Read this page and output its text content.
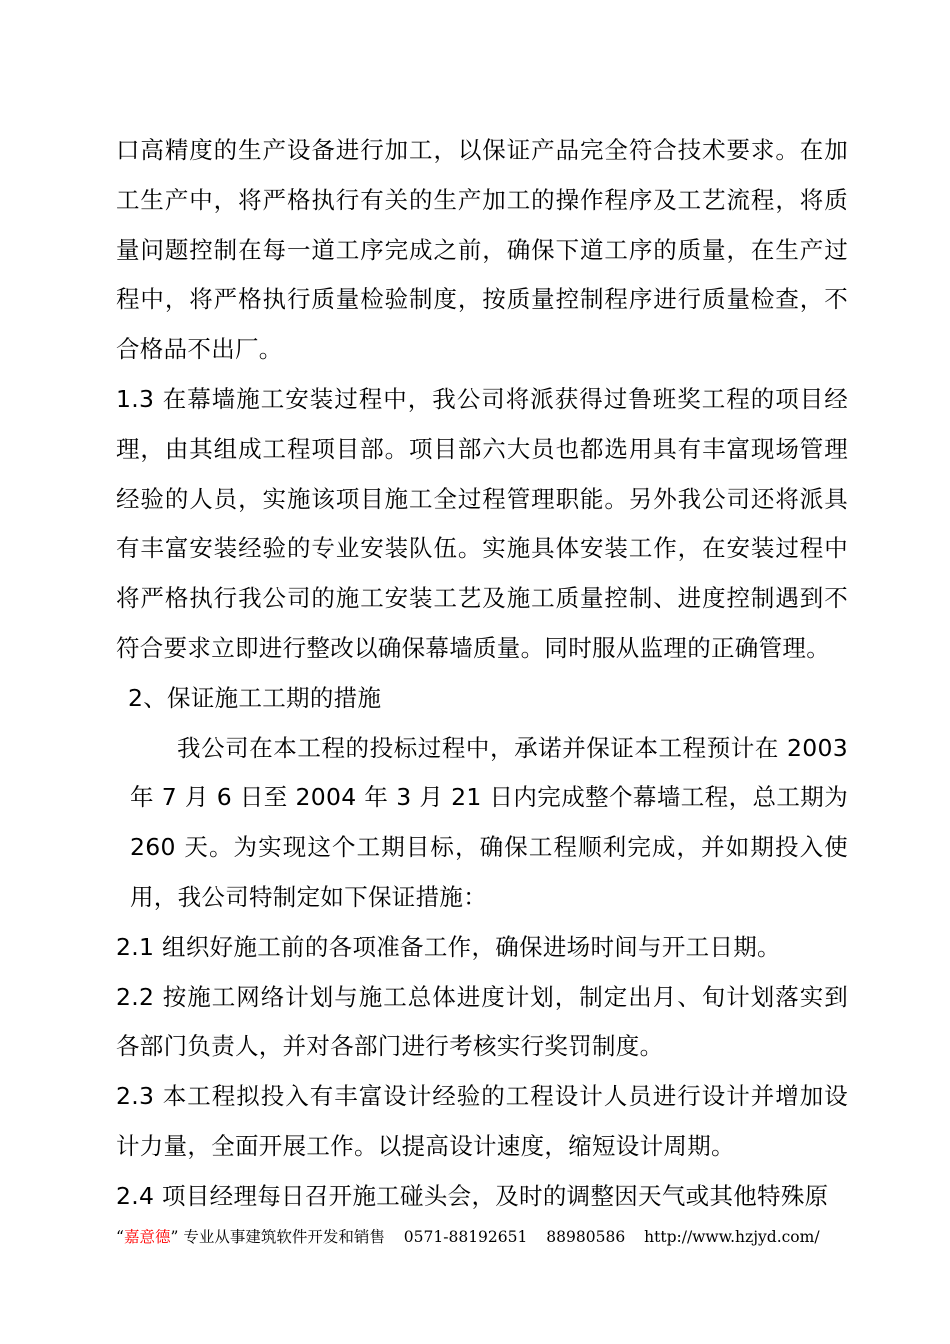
口高精度的生产设备进行加工，以保证产品完全符合技术要求。在加工生产中，将严格执行有关的生产加工的操作程序及工艺流程，将质量问题控制在每一道工序完成之前，确保下道工序的质量，在生产过程中，将严格执行质量检验制度，按质量控制程序进行质量检查，不合格品不出厂。

1.3 在幕墙施工安装过程中，我公司将派获得过鲁班奖工程的项目经理，由其组成工程项目部。项目部六大员也都选用具有丰富现场管理经验的人员，实施该项目施工全过程管理职能。另外我公司还将派具有丰富安装经验的专业安装队伍。实施具体安装工作，在安装过程中将严格执行我公司的施工安装工艺及施工质量控制、进度控制遇到不符合要求立即进行整改以确保幕墙质量。同时服从监理的正确管理。

2、保证施工工期的措施

我公司在本工程的投标过程中，承诺并保证本工程预计在 2003 年 7 月 6 日至 2004 年 3 月 21 日内完成整个幕墙工程，总工期为 260 天。为实现这个工期目标，确保工程顺利完成，并如期投入使用，我公司特制定如下保证措施：

2.1 组织好施工前的各项准备工作，确保进场时间与开工日期。

2.2 按施工网络计划与施工总体进度计划，制定出月、旬计划落实到各部门负责人，并对各部门进行考核实行奖罚制度。

2.3 本工程拟投入有丰富设计经验的工程设计人员进行设计并增加设计力量，全面开展工作。以提高设计速度，缩短设计周期。

2.4 项目经理每日召开施工碰头会，及时的调整因天气或其他特殊原

“嘉意德” 专业从事建筑软件开发和销售 0571-88192651 88980586 http://www.hzjyd.com/
